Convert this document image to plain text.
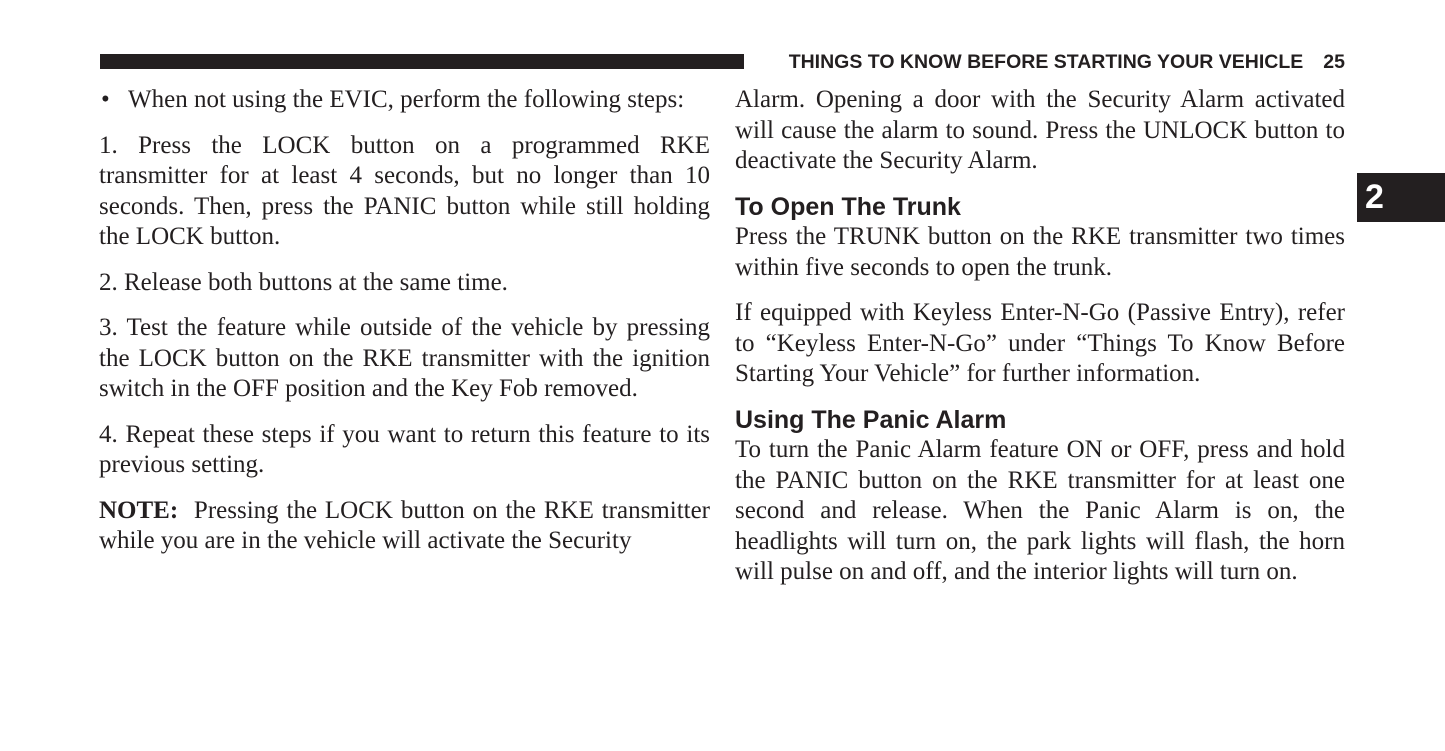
THINGS TO KNOW BEFORE STARTING YOUR VEHICLE 25
2
• When not using the EVIC, perform the following steps:

1. Press the LOCK button on a programmed RKE transmitter for at least 4 seconds, but no longer than 10 seconds. Then, press the PANIC button while still holding the LOCK button.

2. Release both buttons at the same time.

3. Test the feature while outside of the vehicle by pressing the LOCK button on the RKE transmitter with the ignition switch in the OFF position and the Key Fob removed.

4. Repeat these steps if you want to return this feature to its previous setting.

NOTE: Pressing the LOCK button on the RKE transmitter while you are in the vehicle will activate the Security

Alarm. Opening a door with the Security Alarm activated will cause the alarm to sound. Press the UNLOCK button to deactivate the Security Alarm.

To Open The Trunk

Press the TRUNK button on the RKE transmitter two times within five seconds to open the trunk.

If equipped with Keyless Enter-N-Go (Passive Entry), refer to “Keyless Enter-N-Go” under “Things To Know Before Starting Your Vehicle” for further information.

Using The Panic Alarm

To turn the Panic Alarm feature ON or OFF, press and hold the PANIC button on the RKE transmitter for at least one second and release. When the Panic Alarm is on, the headlights will turn on, the park lights will flash, the horn will pulse on and off, and the interior lights will turn on.
